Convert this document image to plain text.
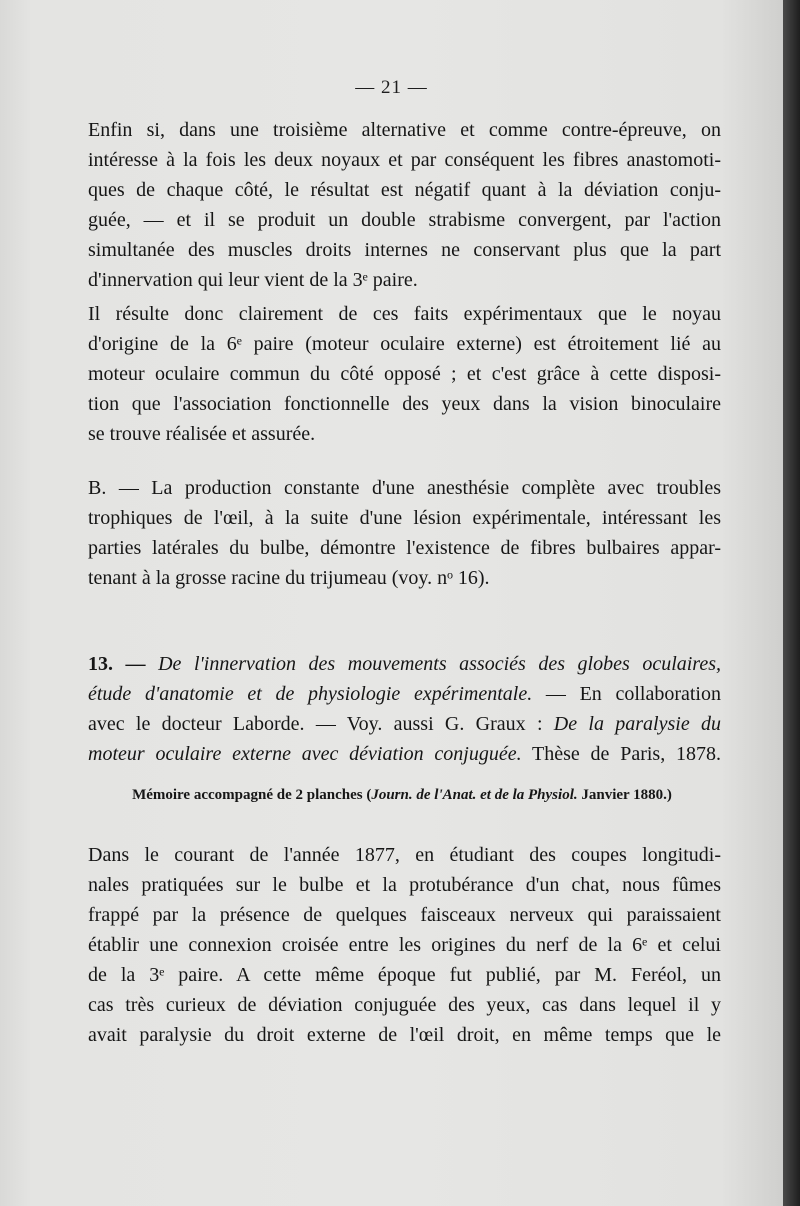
— 21 —
Enfin si, dans une troisième alternative et comme contre-épreuve, on
intéresse à la fois les deux noyaux et par conséquent les fibres anastomoti-
ques de chaque côté, le résultat est négatif quant à la déviation conju-
guée, — et il se produit un double strabisme convergent, par l'action
simultanée des muscles droits internes ne conservant plus que la part
d'innervation qui leur vient de la 3ᵉ paire.
Il résulte donc clairement de ces faits expérimentaux que le noyau
d'origine de la 6ᵉ paire (moteur oculaire externe) est étroitement lié au
moteur oculaire commun du côté opposé ; et c'est grâce à cette disposi-
tion que l'association fonctionnelle des yeux dans la vision binoculaire
se trouve réalisée et assurée.
B. — La production constante d'une anesthésie complète avec troubles
trophiques de l'œil, à la suite d'une lésion expérimentale, intéressant les
parties latérales du bulbe, démontre l'existence de fibres bulbaires appar-
tenant à la grosse racine du trijumeau (voy. nᵒ 16).
13. — De l'innervation des mouvements associés des globes oculaires,
étude d'anatomie et de physiologie expérimentale. — En collaboration
avec le docteur Laborde. — Voy. aussi G. Graux : De la paralysie du
moteur oculaire externe avec déviation conjuguée. Thèse de Paris, 1878.
Mémoire accompagné de 2 planches (Journ. de l'Anat. et de la Physiol. Janvier 1880.)
Dans le courant de l'année 1877, en étudiant des coupes longitudi-
nales pratiquées sur le bulbe et la protubérance d'un chat, nous fûmes
frappé par la présence de quelques faisceaux nerveux qui paraissaient
établir une connexion croisée entre les origines du nerf de la 6ᵉ et celui
de la 3ᵉ paire. A cette même époque fut publié, par M. Feréol, un
cas très curieux de déviation conjuguée des yeux, cas dans lequel il y
avait paralysie du droit externe de l'œil droit, en même temps que le
